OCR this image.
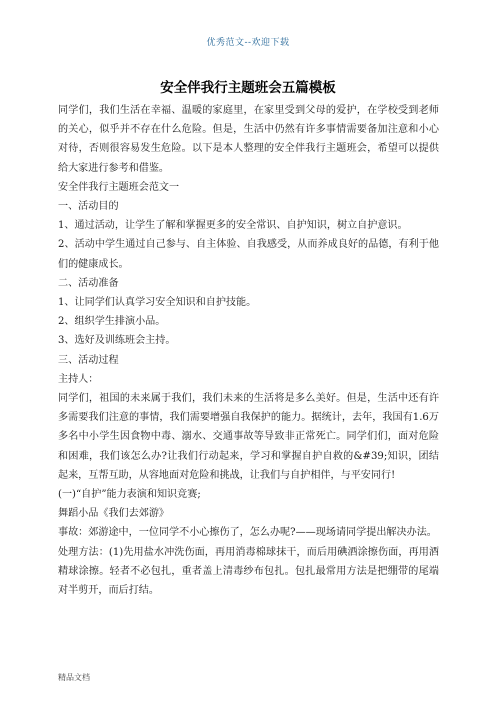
优秀范文--欢迎下载
安全伴我行主题班会五篇模板

同学们，我们生活在幸福、温暖的家庭里，在家里受到父母的爱护，在学校受到老师的关心，似乎并不存在什么危险。但是，生活中仍然有许多事情需要备加注意和小心对待，否则很容易发生危险。以下是本人整理的安全伴我行主题班会，希望可以提供给大家进行参考和借鉴。

安全伴我行主题班会范文一

一、活动目的

1、通过活动，让学生了解和掌握更多的安全常识、自护知识，树立自护意识。

2、活动中学生通过自己参与、自主体验、自我感受，从而养成良好的品德，有利于他们的健康成长。

二、活动准备

1、让同学们认真学习安全知识和自护技能。

2、组织学生排演小品。

3、选好及训练班会主持。

三、活动过程

主持人：

同学们，祖国的未来属于我们，我们未来的生活将是多么美好。但是，生活中还有许多需要我们注意的事情，我们需要增强自我保护的能力。据统计，去年，我国有1.6万多名中小学生因食物中毒、溺水、交通事故等导致非正常死亡。同学们们，面对危险和困难，我们该怎么办?让我们行动起来，学习和掌握自护自救的&#39;知识，团结起来，互帮互助，从容地面对危险和挑战，让我们与自护相伴，与平安同行!

(一)“自护”能力表演和知识竞赛;

舞蹈小品《我们去郊游》

事故：郊游途中，一位同学不小心擦伤了，怎么办呢?——现场请同学提出解决办法。

处理方法：(1)先用盐水冲洗伤面，再用消毒棉球抹干，而后用碘酒涂擦伤面，再用酒精球涂擦。轻者不必包扎，重者盖上清毒纱布包扎。包扎最常用方法是把绷带的尾端对半剪开，而后打结。

精品文档
